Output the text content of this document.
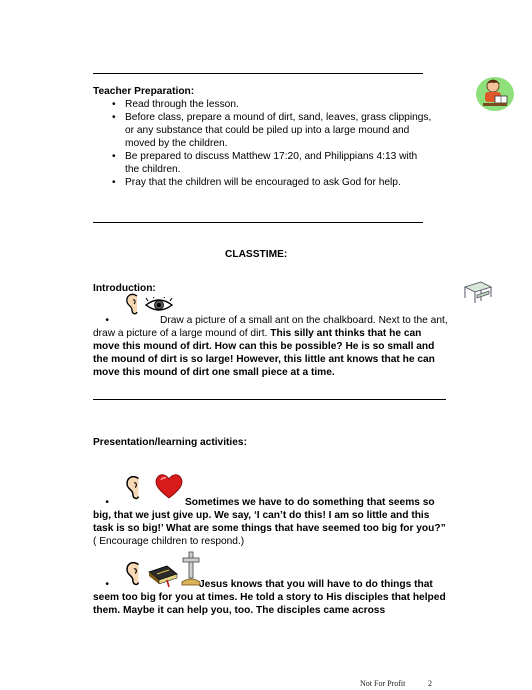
Teacher Preparation:
• Read through the lesson.
• Before class, prepare a mound of dirt, sand, leaves, grass clippings, or any substance that could be piled up into a large mound and moved by the children.
• Be prepared to discuss Matthew 17:20, and Philippians 4:13 with the children.
• Pray that the children will be encouraged to ask God for help.
CLASSTIME:
Introduction:
•	Draw a picture of a small ant on the chalkboard. Next to the ant, draw a picture of a large mound of dirt. This silly ant thinks that he can move this mound of dirt. How can this be possible? He is so small and the mound of dirt is so large! However, this little ant knows that he can move this mound of dirt one small piece at a time.
Presentation/learning activities:
•	Sometimes we have to do something that seems so big, that we just give up. We say, ‘I can’t do this! I am so little and this task is so big!’ What are some things that have seemed too big for you?” ( Encourage children to respond.)
•	Jesus knows that you will have to do things that seem too big for you at times. He told a story to His disciples that helped them. Maybe it can help you, too. The disciples came across
Not For Profit	2
